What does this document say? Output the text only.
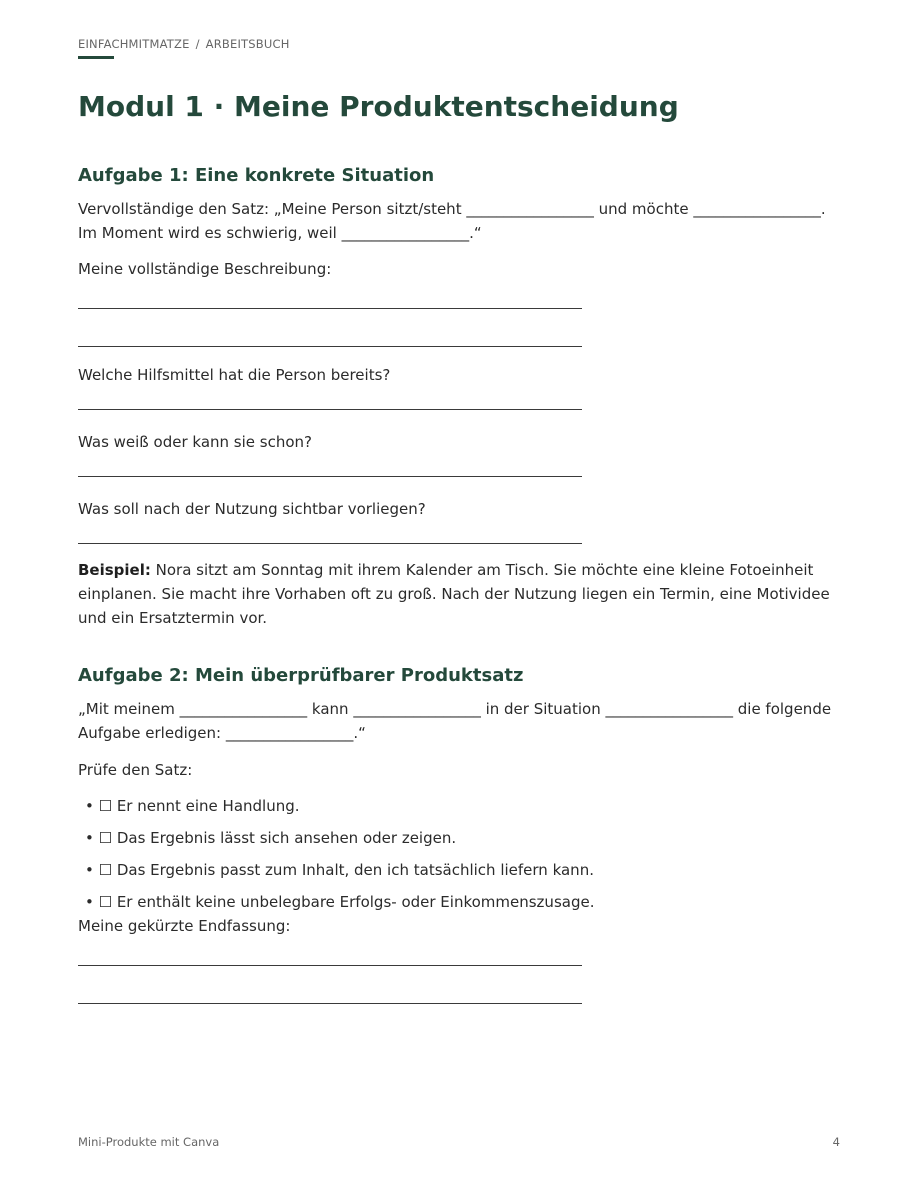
EINFACHMITMATZE / ARBEITSBUCH
Modul 1 · Meine Produktentscheidung
Aufgabe 1: Eine konkrete Situation

Vervollständige den Satz: „Meine Person sitzt/steht _________________ und möchte _________________. Im Moment wird es schwierig, weil _________________.“

Meine vollständige Beschreibung:

Welche Hilfsmittel hat die Person bereits?

Was weiß oder kann sie schon?

Was soll nach der Nutzung sichtbar vorliegen?

Beispiel: Nora sitzt am Sonntag mit ihrem Kalender am Tisch. Sie möchte eine kleine Fotoeinheit einplanen. Sie macht ihre Vorhaben oft zu groß. Nach der Nutzung liegen ein Termin, eine Motividee und ein Ersatztermin vor.

Aufgabe 2: Mein überprüfbarer Produktsatz

„Mit meinem _________________ kann _________________ in der Situation _________________ die folgende Aufgabe erledigen: _________________.“

Prüfe den Satz:

• ☐ Er nennt eine Handlung.
• ☐ Das Ergebnis lässt sich ansehen oder zeigen.
• ☐ Das Ergebnis passt zum Inhalt, den ich tatsächlich liefern kann.
• ☐ Er enthält keine unbelegbare Erfolgs- oder Einkommenszusage.

Meine gekürzte Endfassung:

Mini-Produkte mit Canva	4
